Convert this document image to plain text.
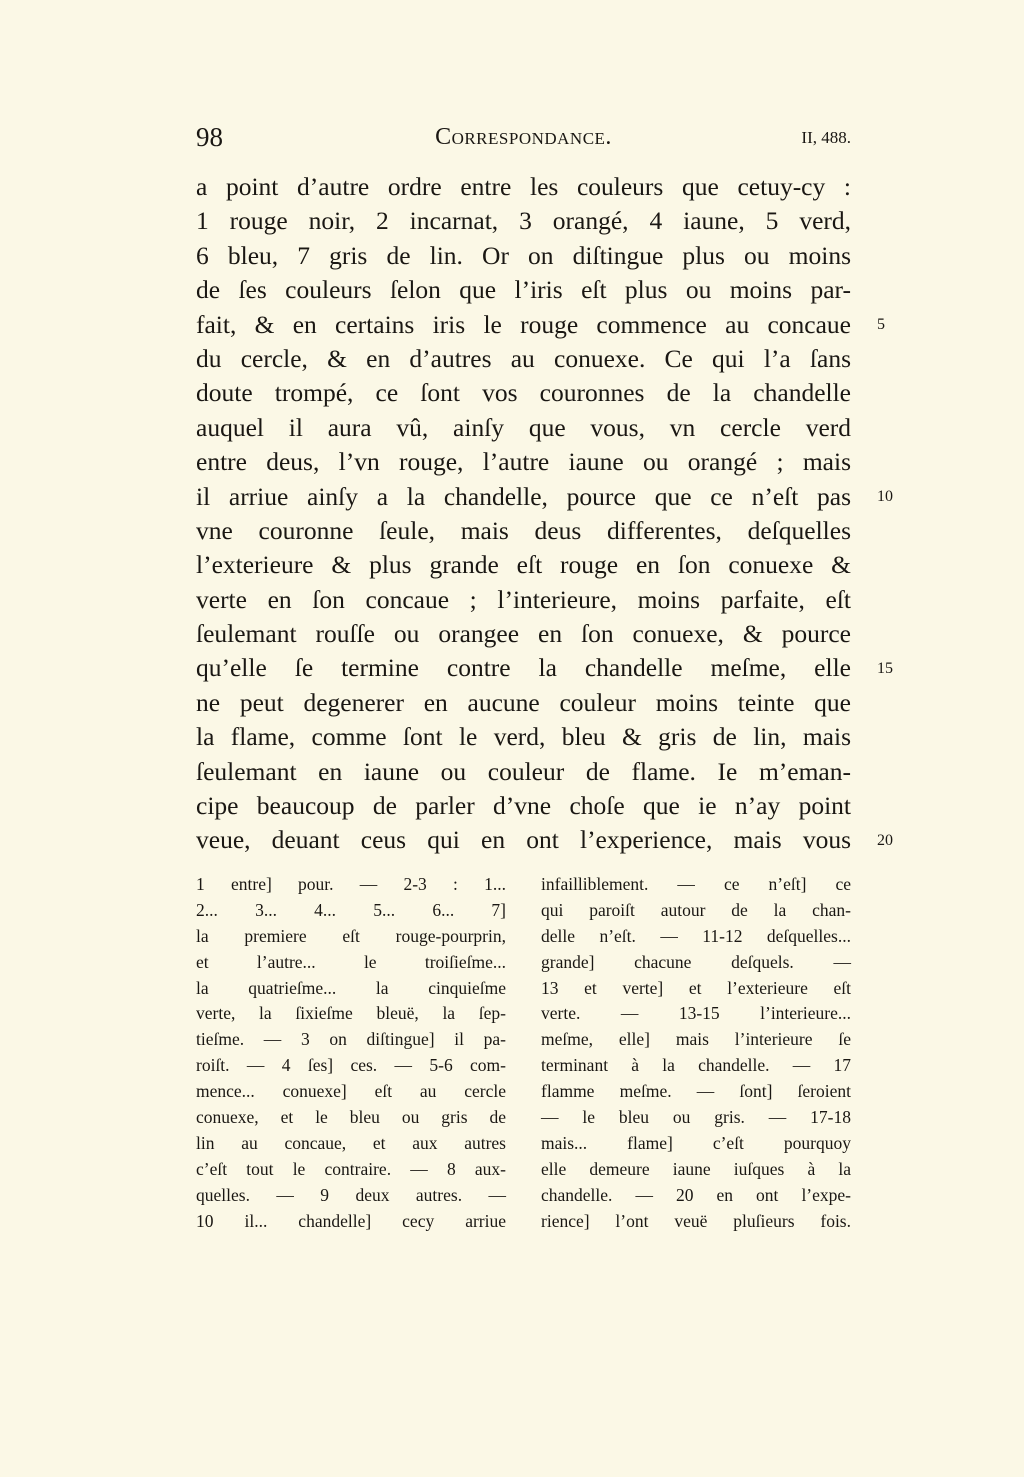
98	Correspondance.	II, 488.
a point d’autre ordre entre les couleurs que cetuy-cy :
1 rouge noir, 2 incarnat, 3 orangé, 4 iaune, 5 verd,
6 bleu, 7 gris de lin. Or on diſtingue plus ou moins
de ſes couleurs ſelon que l’iris eſt plus ou moins par-
fait, & en certains iris le rouge commence au concaue
du cercle, & en d’autres au conuexe. Ce qui l’a ſans
doute trompé, ce ſont vos couronnes de la chandelle
auquel il aura vû, ainſy que vous, vn cercle verd
entre deus, l’vn rouge, l’autre iaune ou orangé ; mais
il arriue ainſy a la chandelle, pource que ce n’eſt pas
vne couronne ſeule, mais deus differentes, deſquelles
l’exterieure & plus grande eſt rouge en ſon conuexe &
verte en ſon concaue ; l’interieure, moins parfaite, eſt
ſeulemant rouſſe ou orangee en ſon conuexe, & pource
qu’elle ſe termine contre la chandelle meſme, elle
ne peut degenerer en aucune couleur moins teinte que
la flame, comme ſont le verd, bleu & gris de lin, mais
ſeulemant en iaune ou couleur de flame. Ie m’eman-
cipe beaucoup de parler d’vne choſe que ie n’ay point
veue, deuant ceus qui en ont l’experience, mais vous
5
10
15
20
1 entre] pour. — 2-3 : 1...
2... 3... 4... 5... 6... 7]
la premiere eſt rouge-pourprin,
et l’autre... le troiſieſme...
la quatrieſme... la cinquieſme
verte, la ſixieſme bleuë, la ſep-
tieſme. — 3 on diſtingue] il pa-
roiſt. — 4 ſes] ces. — 5-6 com-
mence... conuexe] eſt au cercle
conuexe, et le bleu ou gris de
lin au concaue, et aux autres
c’eſt tout le contraire. — 8 aux-
quelles. — 9 deux autres. —
10 il... chandelle] cecy arriue
infailliblement. — ce n’eſt] ce
qui paroiſt autour de la chan-
delle n’eſt. — 11-12 deſquelles...
grande] chacune deſquels. —
13 et verte] et l’exterieure eſt
verte. — 13-15 l’interieure...
meſme, elle] mais l’interieure ſe
terminant à la chandelle. — 17
flamme meſme. — ſont] ſeroient
— le bleu ou gris. — 17-18
mais... flame] c’eſt pourquoy
elle demeure iaune iuſques à la
chandelle. — 20 en ont l’expe-
rience] l’ont veuë pluſieurs fois.
